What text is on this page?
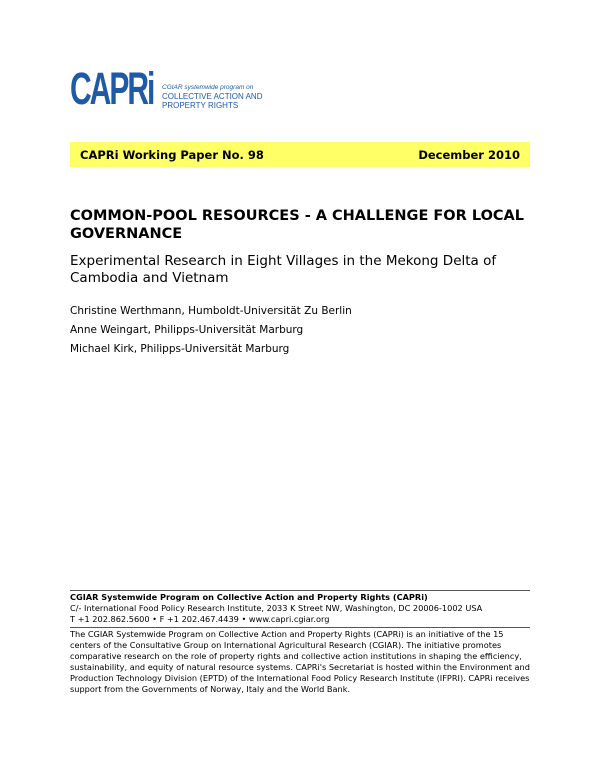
CAPRi CGIAR systemwide program on
COLLECTIVE ACTION AND
PROPERTY RIGHTS
CAPRi Working Paper No. 98	December 2010
COMMON-POOL RESOURCES - A CHALLENGE FOR LOCAL GOVERNANCE
Experimental Research in Eight Villages in the Mekong Delta of Cambodia and Vietnam
Christine Werthmann, Humboldt-Universität Zu Berlin
Anne Weingart, Philipps-Universität Marburg
Michael Kirk, Philipps-Universität Marburg
CGIAR Systemwide Program on Collective Action and Property Rights (CAPRi)
C/- International Food Policy Research Institute, 2033 K Street NW, Washington, DC 20006-1002 USA
T +1 202.862.5600 • F +1 202.467.4439 • www.capri.cgiar.org
The CGIAR Systemwide Program on Collective Action and Property Rights (CAPRi) is an initiative of the 15 centers of the Consultative Group on International Agricultural Research (CGIAR). The initiative promotes comparative research on the role of property rights and collective action institutions in shaping the efficiency, sustainability, and equity of natural resource systems. CAPRi's Secretariat is hosted within the Environment and Production Technology Division (EPTD) of the International Food Policy Research Institute (IFPRI). CAPRi receives support from the Governments of Norway, Italy and the World Bank.
